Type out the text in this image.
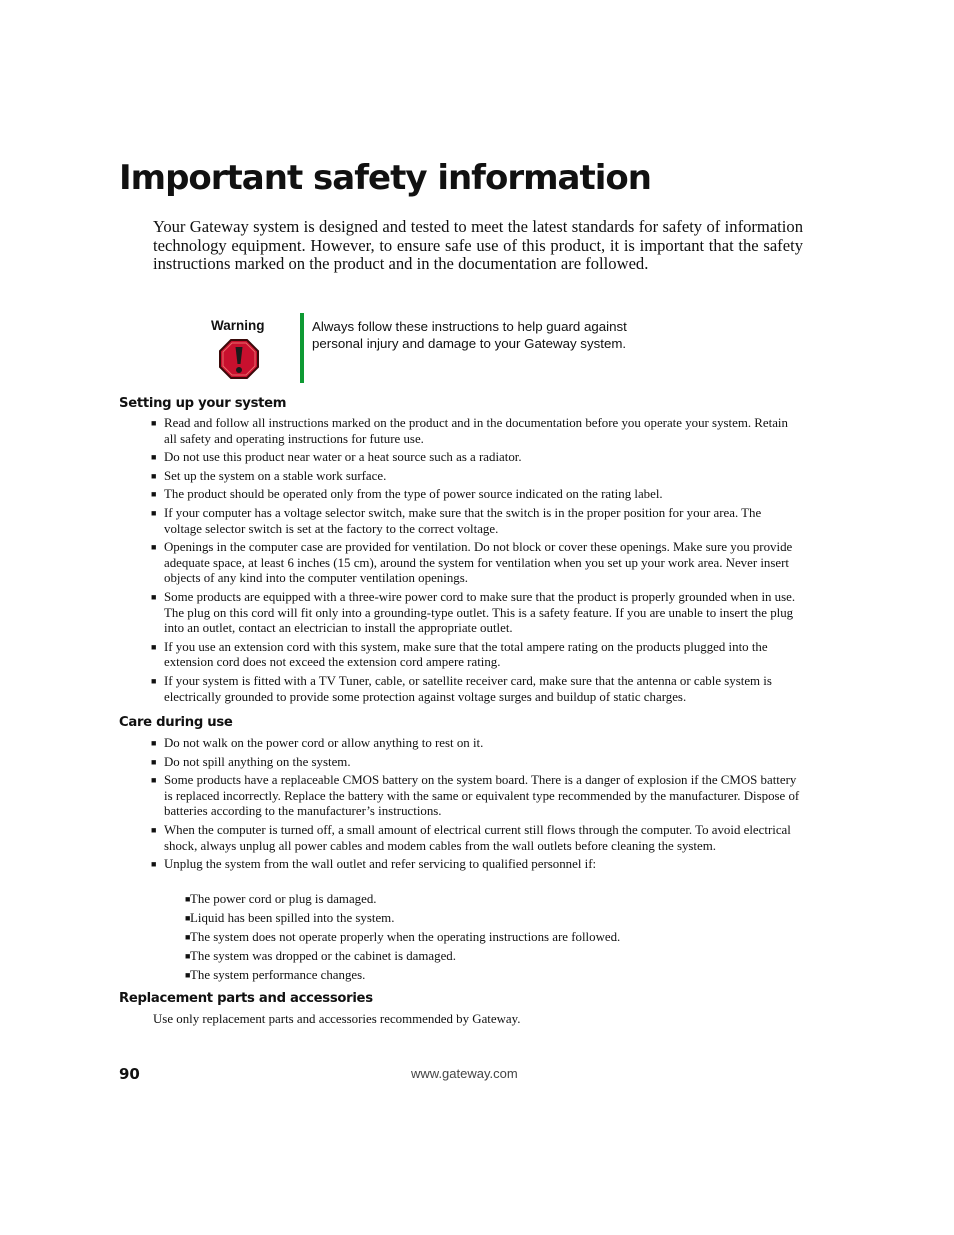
Important safety information

Your Gateway system is designed and tested to meet the latest standards for safety of information technology equipment. However, to ensure safe use of this product, it is important that the safety instructions marked on the product and in the documentation are followed.

Warning	Always follow these instructions to help guard against personal injury and damage to your Gateway system.
Setting up your system
■ Read and follow all instructions marked on the product and in the documentation before you operate your system. Retain all safety and operating instructions for future use.
■ Do not use this product near water or a heat source such as a radiator.
■ Set up the system on a stable work surface.
■ The product should be operated only from the type of power source indicated on the rating label.
■ If your computer has a voltage selector switch, make sure that the switch is in the proper position for your area. The voltage selector switch is set at the factory to the correct voltage.
■ Openings in the computer case are provided for ventilation. Do not block or cover these openings. Make sure you provide adequate space, at least 6 inches (15 cm), around the system for ventilation when you set up your work area. Never insert objects of any kind into the computer ventilation openings.
■ Some products are equipped with a three-wire power cord to make sure that the product is properly grounded when in use. The plug on this cord will fit only into a grounding-type outlet. This is a safety feature. If you are unable to insert the plug into an outlet, contact an electrician to install the appropriate outlet.
■ If you use an extension cord with this system, make sure that the total ampere rating on the products plugged into the extension cord does not exceed the extension cord ampere rating.
■ If your system is fitted with a TV Tuner, cable, or satellite receiver card, make sure that the antenna or cable system is electrically grounded to provide some protection against voltage surges and buildup of static charges.
Care during use
■ Do not walk on the power cord or allow anything to rest on it.
■ Do not spill anything on the system.
■ Some products have a replaceable CMOS battery on the system board. There is a danger of explosion if the CMOS battery is replaced incorrectly. Replace the battery with the same or equivalent type recommended by the manufacturer. Dispose of batteries according to the manufacturer’s instructions.
■ When the computer is turned off, a small amount of electrical current still flows through the computer. To avoid electrical shock, always unplug all power cables and modem cables from the wall outlets before cleaning the system.
■ Unplug the system from the wall outlet and refer servicing to qualified personnel if:
■ The power cord or plug is damaged.
■ Liquid has been spilled into the system.
■ The system does not operate properly when the operating instructions are followed.
■ The system was dropped or the cabinet is damaged.
■ The system performance changes.
Replacement parts and accessories
Use only replacement parts and accessories recommended by Gateway.
90	www.gateway.com
